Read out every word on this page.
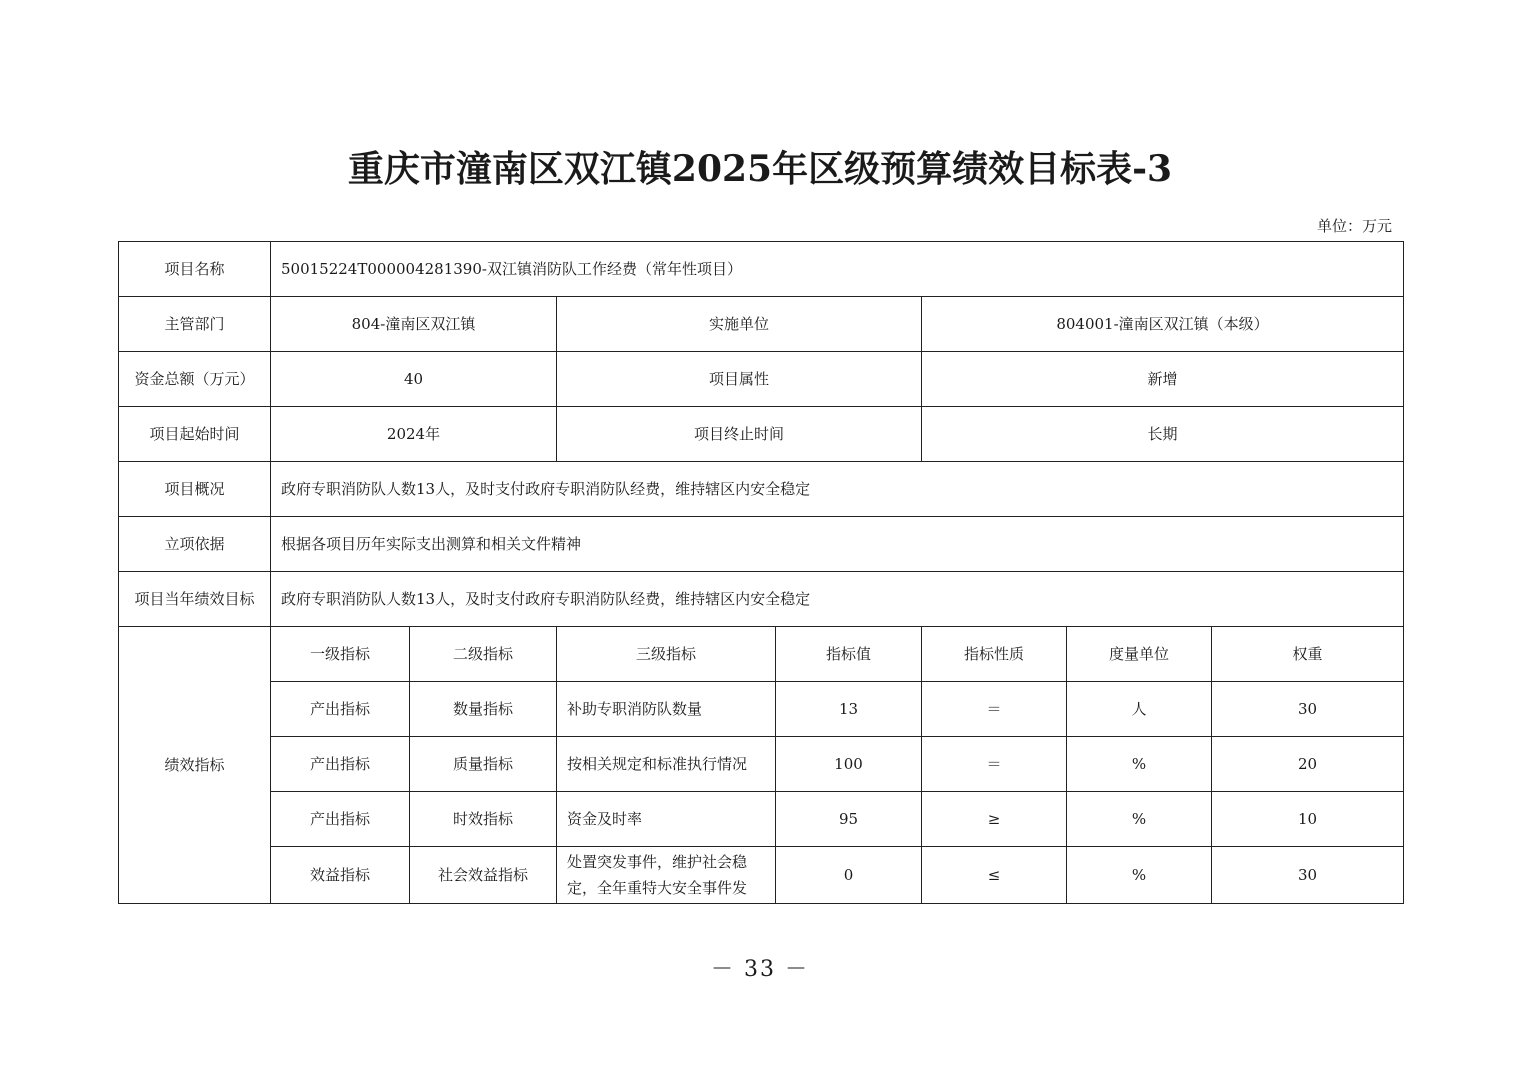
重庆市潼南区双江镇2025年区级预算绩效目标表-3
单位：万元
项目名称	50015224T000004281390-双江镇消防队工作经费（常年性项目）						
主管部门	804-潼南区双江镇		实施单位		804001-潼南区双江镇（本级）		
资金总额（万元）	40		项目属性		新增		
项目起始时间	2024年		项目终止时间		长期		
项目概况	政府专职消防队人数13人，及时支付政府专职消防队经费，维持辖区内安全稳定						
立项依据	根据各项目历年实际支出测算和相关文件精神						
项目当年绩效目标	政府专职消防队人数13人，及时支付政府专职消防队经费，维持辖区内安全稳定						
绩效指标	一级指标	二级指标	三级指标	指标值	指标性质	度量单位	权重
	产出指标	数量指标	补助专职消防队数量	13	＝	人	30
	产出指标	质量指标	按相关规定和标准执行情况	100	＝	%	20
	产出指标	时效指标	资金及时率	95	≥	%	10
	效益指标	社会效益指标	处置突发事件，维护社会稳定，全年重特大安全事件发	0	≤	%	30
－ 33 －
